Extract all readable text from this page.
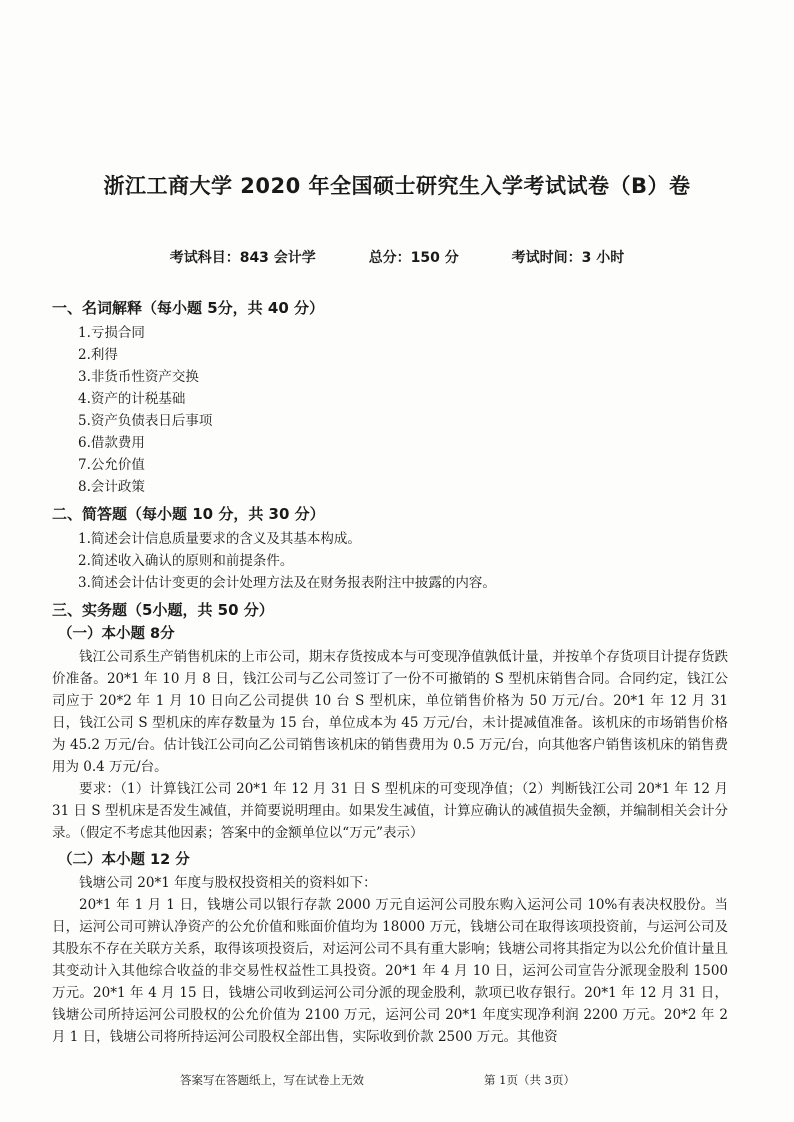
浙江工商大学 2020 年全国硕士研究生入学考试试卷（B）卷
考试科目：843 会计学	总分：150 分	考试时间：3 小时

一、名词解释（每小题 5分，共 40 分）

1.亏损合同
2.利得
3.非货币性资产交换
4.资产的计税基础
5.资产负债表日后事项
6.借款费用
7.公允价值
8.会计政策

二、简答题（每小题 10 分，共 30 分）

1.简述会计信息质量要求的含义及其基本构成。
2.简述收入确认的原则和前提条件。
3.简述会计估计变更的会计处理方法及在财务报表附注中披露的内容。

三、实务题（5小题，共 50 分）

（一）本小题 8分

钱江公司系生产销售机床的上市公司，期末存货按成本与可变现净值孰低计量，并按单个存货项目计提存货跌价准备。20*1 年 10 月 8 日，钱江公司与乙公司签订了一份不可撤销的 S 型机床销售合同。合同约定，钱江公司应于 20*2 年 1 月 10 日向乙公司提供 10 台 S 型机床，单位销售价格为 50 万元/台。20*1 年 12 月 31 日，钱江公司 S 型机床的库存数量为 15 台，单位成本为 45 万元/台，未计提减值准备。该机床的市场销售价格为 45.2 万元/台。估计钱江公司向乙公司销售该机床的销售费用为 0.5 万元/台，向其他客户销售该机床的销售费用为 0.4 万元/台。

要求：（1）计算钱江公司 20*1 年 12 月 31 日 S 型机床的可变现净值；（2）判断钱江公司 20*1 年 12 月 31 日 S 型机床是否发生减值，并简要说明理由。如果发生减值，计算应确认的减值损失金额，并编制相关会计分录。（假定不考虑其他因素；答案中的金额单位以“万元”表示）

（二）本小题 12 分

钱塘公司 20*1 年度与股权投资相关的资料如下：

20*1 年 1 月 1 日，钱塘公司以银行存款 2000 万元自运河公司股东购入运河公司 10%有表决权股份。当日，运河公司可辨认净资产的公允价值和账面价值均为 18000 万元，钱塘公司在取得该项投资前，与运河公司及其股东不存在关联方关系，取得该项投资后，对运河公司不具有重大影响；钱塘公司将其指定为以公允价值计量且其变动计入其他综合收益的非交易性权益性工具投资。20*1 年 4 月 10 日，运河公司宣告分派现金股利 1500 万元。20*1 年 4 月 15 日，钱塘公司收到运河公司分派的现金股利，款项已收存银行。20*1 年 12 月 31 日，钱塘公司所持运河公司股权的公允价值为 2100 万元，运河公司 20*1 年度实现净利润 2200 万元。20*2 年 2 月 1 日，钱塘公司将所持运河公司股权全部出售，实际收到价款 2500 万元。其他资

答案写在答题纸上，写在试卷上无效	第 1页（共 3页）
